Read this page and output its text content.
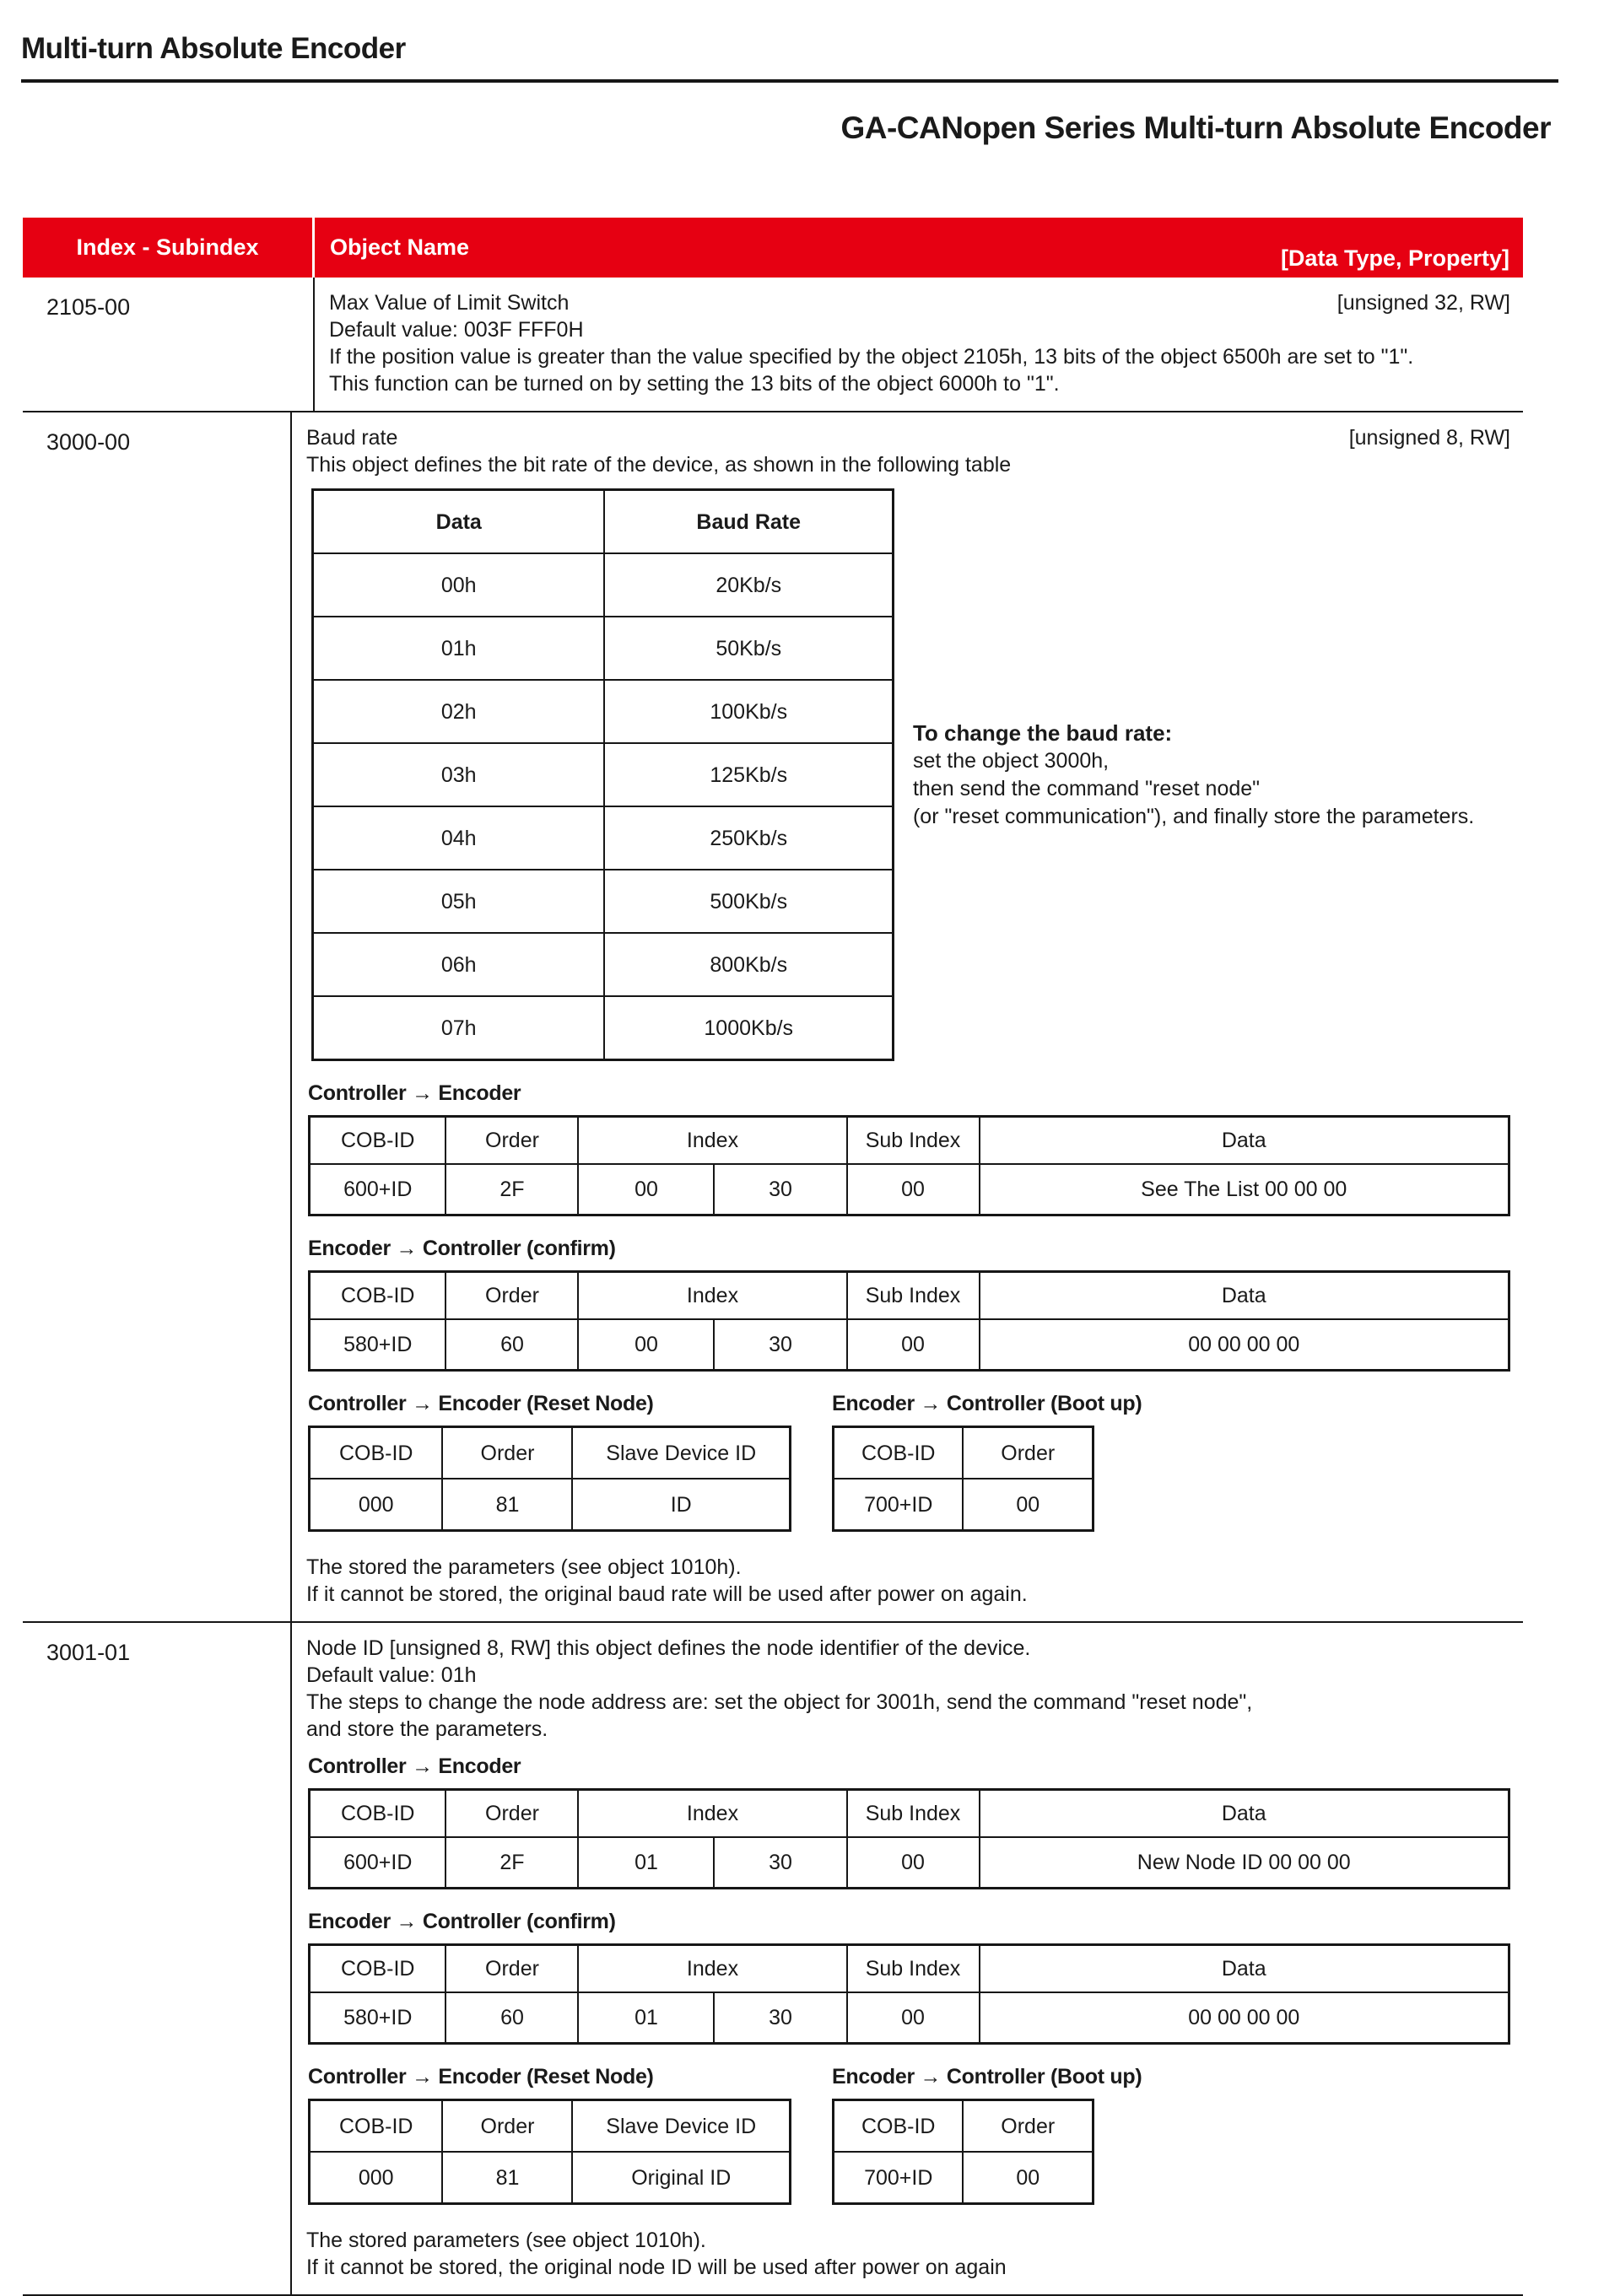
Multi-turn Absolute Encoder
GA-CANopen Series Multi-turn Absolute Encoder
Index - Subindex	Object Name	[Data Type, Property]
2105-00	Max Value of Limit Switch	[unsigned 32, RW]
Default value: 003F FFF0H
If the position value is greater than the value specified by the object 2105h, 13 bits of the object 6500h are set to "1".
This function can be turned on by setting the 13 bits of the object 6000h to "1".
3000-00	Baud rate	[unsigned 8, RW]
This object defines the bit rate of the device, as shown in the following table
Data	Baud Rate
00h	20Kb/s
01h	50Kb/s
02h	100Kb/s
03h	125Kb/s
04h	250Kb/s
05h	500Kb/s
06h	800Kb/s
07h	1000Kb/s
To change the baud rate:
set the object 3000h,
then send the command "reset node"
(or "reset communication"), and finally store the parameters.
Controller → Encoder
COB-ID	Order	Index		Sub Index	Data
600+ID	2F	00	30	00	See The List 00 00 00
Encoder → Controller (confirm)
COB-ID	Order	Index		Sub Index	Data
580+ID	60	00	30	00	00 00 00 00
Controller → Encoder (Reset Node)
COB-ID	Order	Slave Device ID
000	81	ID
Encoder → Controller (Boot up)
COB-ID	Order
700+ID	00
The stored the parameters (see object 1010h).
If it cannot be stored, the original baud rate will be used after power on again.
3001-01	Node ID [unsigned 8, RW] this object defines the node identifier of the device.
Default value: 01h
The steps to change the node address are: set the object for 3001h, send the command "reset node",
and store the parameters.
Controller → Encoder
COB-ID	Order	Index		Sub Index	Data
600+ID	2F	01	30	00	New Node ID 00 00 00
Encoder → Controller (confirm)
COB-ID	Order	Index		Sub Index	Data
580+ID	60	01	30	00	00 00 00 00
Controller → Encoder (Reset Node)
COB-ID	Order	Slave Device ID
000	81	Original ID
Encoder → Controller (Boot up)
COB-ID	Order
700+ID	00
The stored parameters (see object 1010h).
If it cannot be stored, the original node ID will be used after power on again
